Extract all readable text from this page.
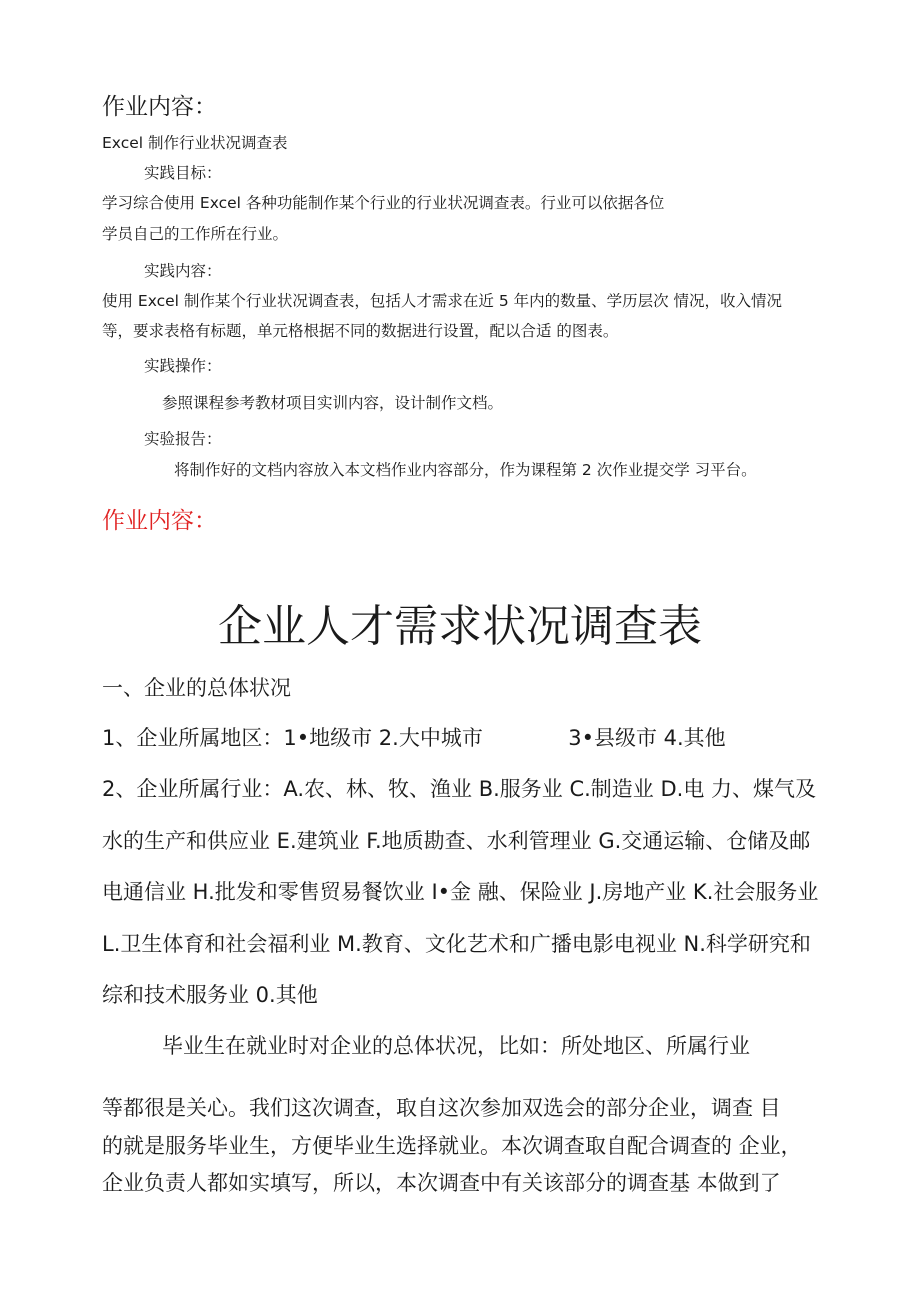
作业内容：

Excel 制作行业状况调查表

实践目标：

学习综合使用 Excel 各种功能制作某个行业的行业状况调查表。行业可以依据各位

学员自己的工作所在行业。

实践内容：

使用 Excel 制作某个行业状况调查表，包括人才需求在近 5 年内的数量、学历层次 情况，收入情况

等，要求表格有标题，单元格根据不同的数据进行设置，配以合适 的图表。

实践操作：

参照课程参考教材项目实训内容，设计制作文档。

实验报告：

将制作好的文档内容放入本文档作业内容部分，作为课程第 2 次作业提交学 习平台。

作业内容：

企业人才需求状况调查表

一、企业的总体状况

1、企业所属地区：1•地级市 2.大中城市	3•县级市 4.其他

2、企业所属行业：A.农、林、牧、渔业 B.服务业 C.制造业 D.电 力、煤气及

水的生产和供应业 E.建筑业 F.地质勘查、水利管理业 G.交通运输、仓储及邮

电通信业 H.批发和零售贸易餐饮业 I•金 融、保险业 J.房地产业 K.社会服务业

L.卫生体育和社会福利业 M.教育、文化艺术和广播电影电视业 N.科学研究和

综和技术服务业 0.其他

毕业生在就业时对企业的总体状况，比如：所处地区、所属行业

等都很是关心。我们这次调查，取自这次参加双选会的部分企业，调查 目

的就是服务毕业生，方便毕业生选择就业。本次调查取自配合调查的 企业，

企业负责人都如实填写，所以，本次调查中有关该部分的调查基 本做到了
